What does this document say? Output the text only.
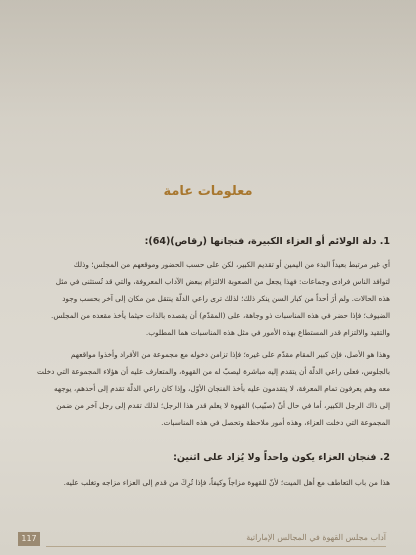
معلومات عامة

1. دلة الولائم أو العزاء الكبيرة، فنجانها (رقاص)(64):

أي غير مرتبط بعيداً البدء من اليمين أو تقديم الكبير، لكن على حسب الحضور وموقعهم من المجلس؛ وذلك

لتوافد الناس فرادى وجماعات: فهذا يجعل من الصعوبة الالتزام ببعض الآداب المعروفة، والتي قد تُستثنى في مثل

هذه الحالات. ولم أرَ أحداً من كبار السن ينكر ذلك؛ لذلك ترى راعي الدلّة ينتقل من مكان إلى آخر بحسب وجود

الضيوف؛ فإذا حضر في هذه المناسبات ذو وجاهة، على (المقدّم) أن يقصده بالذات حيثما يأخذ مقعده من المجلس.

والتقيد والالتزام قدر المستطاع بهذه الأمور في مثل هذه المناسبات هما المطلوب.

وهذا هو الأصل، فإن كبير المقام مقدّم على غيره؛ فإذا تزامن دخوله مع مجموعة من الأفراد وأخذوا مواقعهم

بالجلوس، فعلى راعي الدلّة أن يتقدم إليه مباشرة ليصبّ له من القهوة، والمتعارف عليه أن هؤلاء المجموعة التي دخلت

معه وهم يعرفون تمام المعرفة، لا يتقدمون عليه بأخذ الفنجان الأوّل، وإذا كان راعي الدلّة تقدم إلى أحدهم، يوجهه

إلى ذاك الرجل الكبير، أما في حال أنّ (صبّيب) القهوة لا يعلم قدر هذا الرجل؛ لذلك تقدم إلى رجل آخر من ضمن

المجموعة التي دخلت العزاء، وهذه أمور ملاحظة وتحصل في هذه المناسبات.

2. فنجان العزاء يكون واحداً ولا يُزاد على اثنين:

هذا من باب التعاطف مع أهل الميت؛ لأنّ للقهوة مزاجاً وكيفاً، فإذا تُرِكَ من قدم إلى العزاء مزاجه وتغلب عليه.

117	آداب مجلس القهوة في المجالس الإماراتية
